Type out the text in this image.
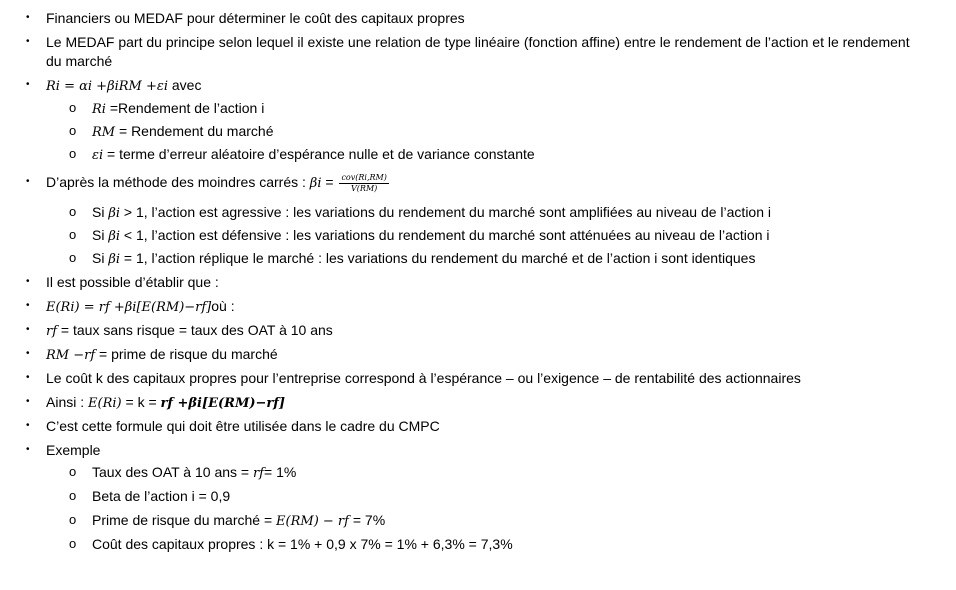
• Financiers ou MEDAF pour déterminer le coût des capitaux propres
• Le MEDAF part du principe selon lequel il existe une relation de type linéaire (fonction affine) entre le rendement de l’action et le rendement
du marché
• Ri = αi +βiRM +εi avec
o Ri =Rendement de l’action i
o RM = Rendement du marché
o εi = terme d’erreur aléatoire d’espérance nulle et de variance constante
• D’après la méthode des moindres carrés : $\beta i = \frac{\text{cov(Ri,RM)}}{V(RM)}$
o Si βi > 1, l’action est agressive : les variations du rendement du marché sont amplifiées au niveau de l’action i
o Si βi < 1, l’action est défensive : les variations du rendement du marché sont atténuées au niveau de l’action i
o Si βi = 1, l’action réplique le marché : les variations du rendement du marché et de l’action i sont identiques
• Il est possible d’établir que :
• E(Ri) = rf +βi[E(RM)−rf]où :
• rf = taux sans risque = taux des OAT à 10 ans
• RM −rf = prime de risque du marché
• Le coût k des capitaux propres pour l’entreprise correspond à l’espérance – ou l’exigence – de rentabilité des actionnaires
• Ainsi : E(Ri) = k = rf +βi[E(RM)−rf]
• C’est cette formule qui doit être utilisée dans le cadre du CMPC
• Exemple
o Taux des OAT à 10 ans = rf= 1%
o Beta de l’action i = 0,9
o Prime de risque du marché = E(RM) − rf = 7%
o Coût des capitaux propres : k = 1% + 0,9 x 7% = 1% + 6,3% = 7,3%
